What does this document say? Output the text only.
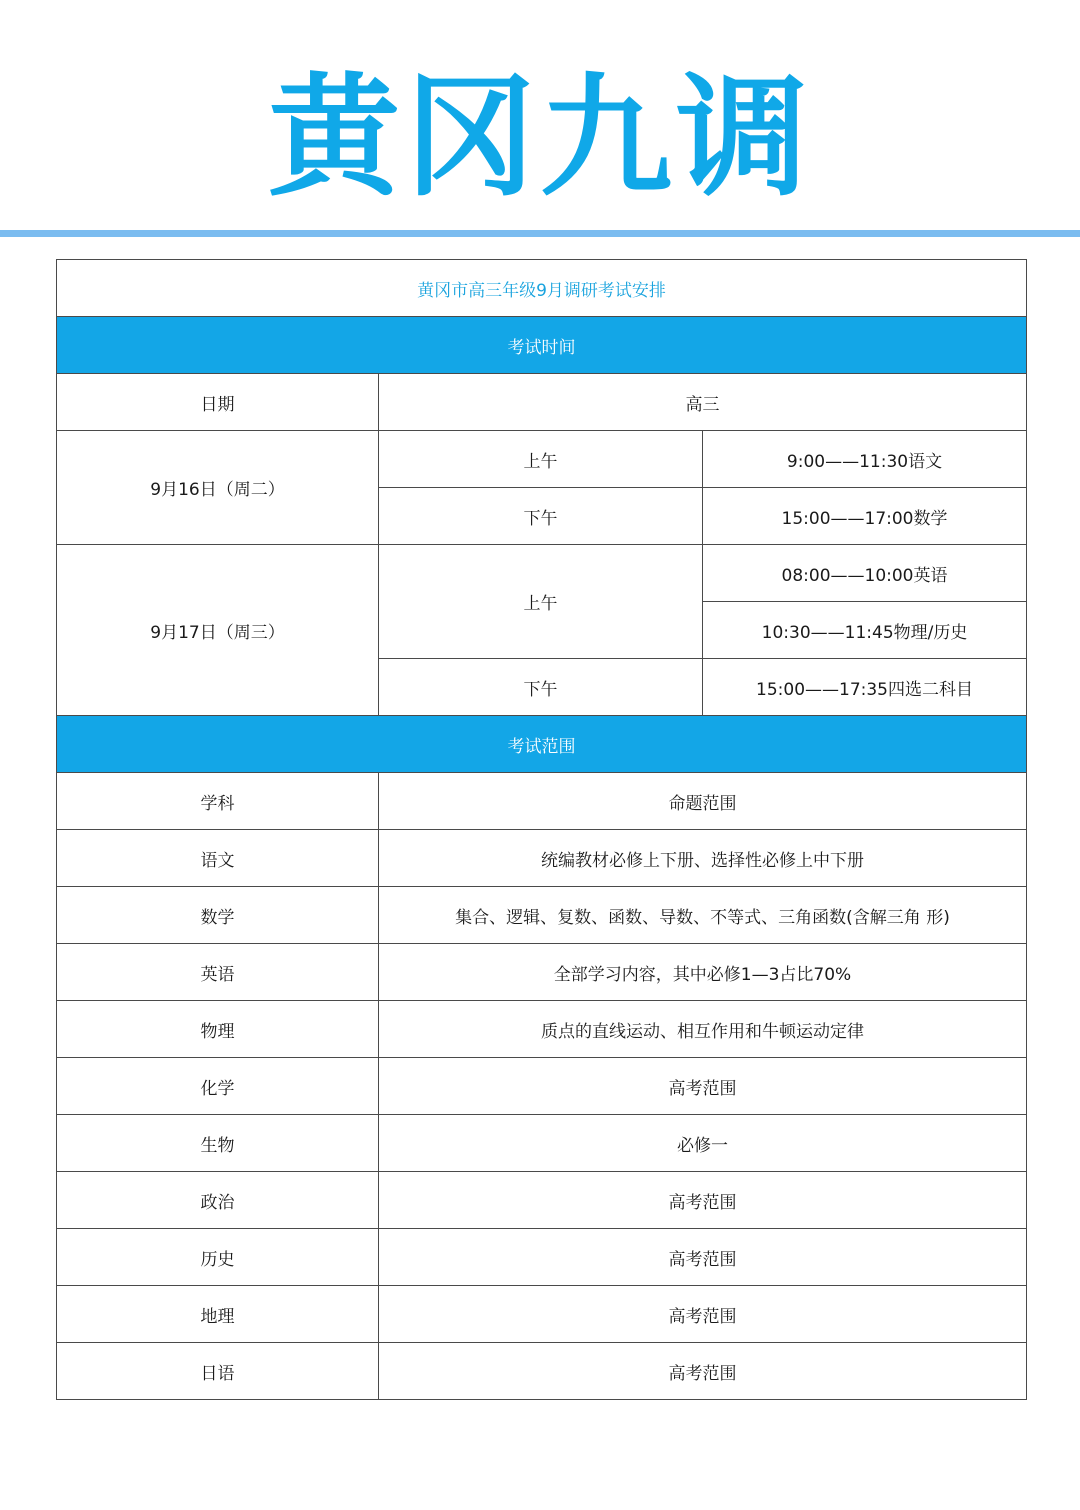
黄冈九调
黄冈市高三年级9月调研考试安排		
考试时间		
日期	高三	
9月16日（周二）	上午	9:00——11:30语文
	下午	15:00——17:00数学
9月17日（周三）	上午	08:00——10:00英语
		10:30——11:45物理/历史
	下午	15:00——17:35四选二科目
考试范围		
学科	命题范围	
语文	统编教材必修上下册、选择性必修上中下册	
数学	集合、逻辑、复数、函数、导数、不等式、三角函数(含解三角 形)	
英语	全部学习内容，其中必修1—3占比70%	
物理	质点的直线运动、相互作用和牛顿运动定律	
化学	高考范围	
生物	必修一	
政治	高考范围	
历史	高考范围	
地理	高考范围	
日语	高考范围	
